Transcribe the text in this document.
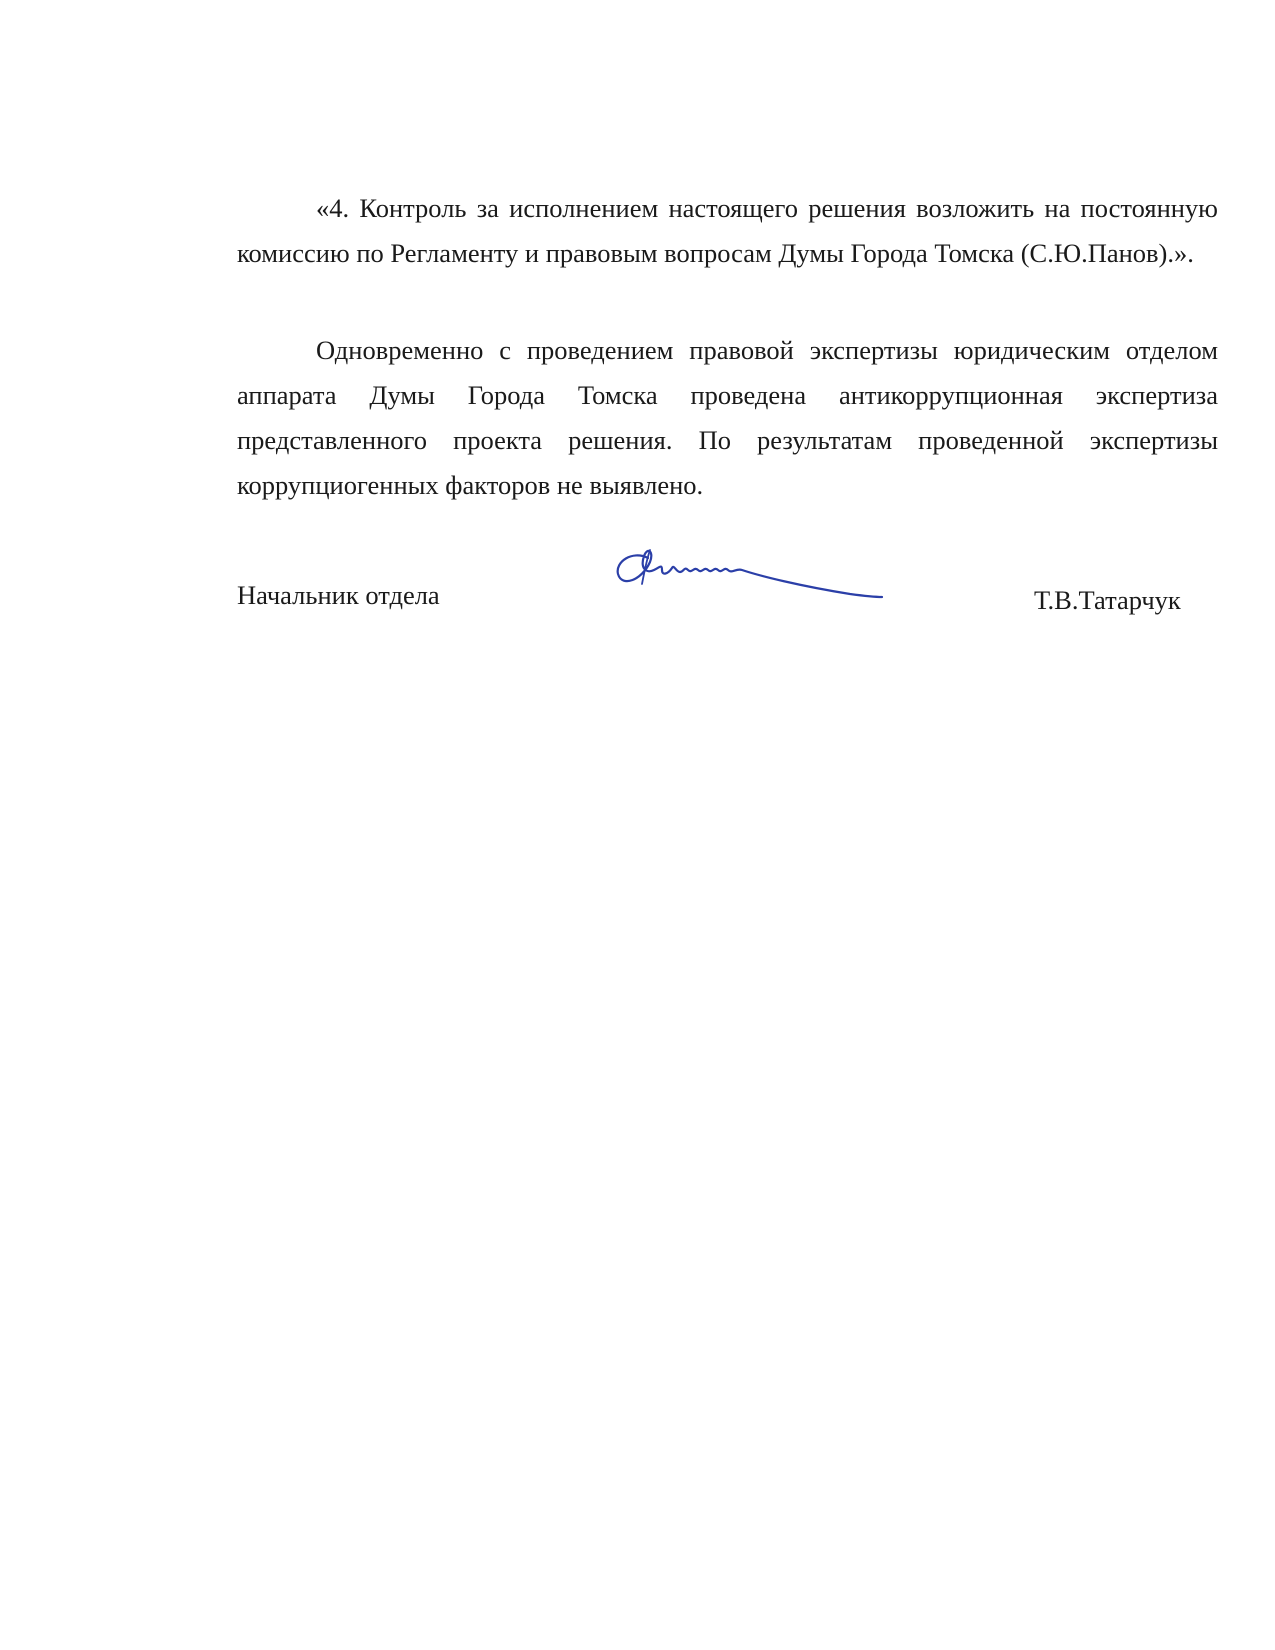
«4. Контроль за исполнением настоящего решения возложить на постоянную комиссию по Регламенту и правовым вопросам Думы Города Томска (С.Ю.Панов).».

Одновременно с проведением правовой экспертизы юридическим отделом аппарата Думы Города Томска проведена антикоррупционная экспертиза представленного проекта решения. По результатам проведенной экспертизы коррупциогенных факторов не выявлено.

Начальник отдела	Т.В.Татарчук
